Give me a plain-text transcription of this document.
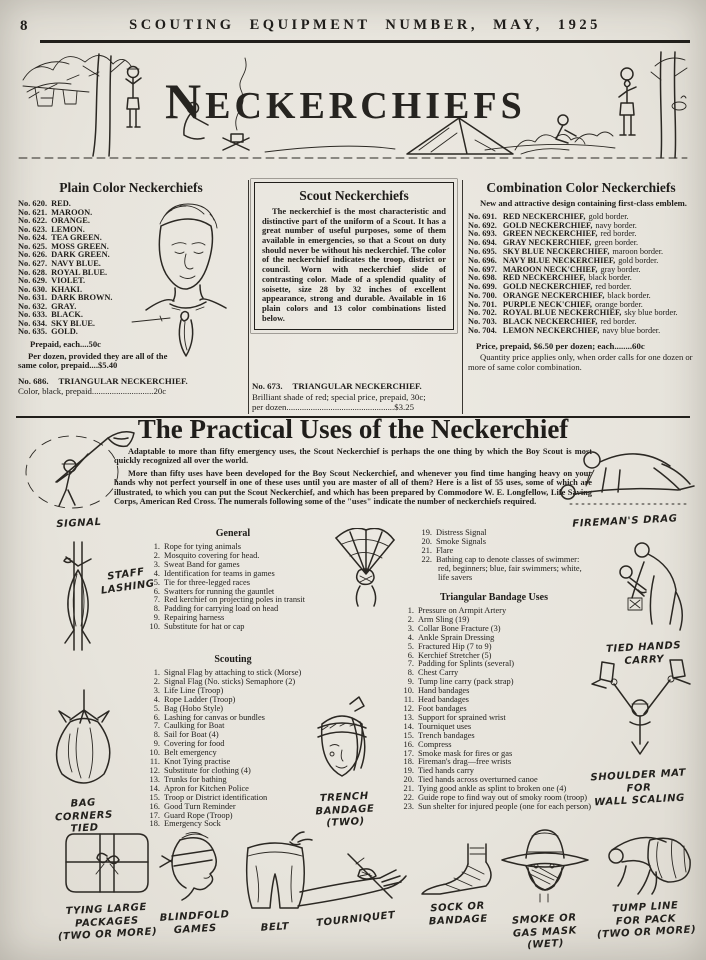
8	SCOUTING EQUIPMENT NUMBER, MAY, 1925
NECKERCHIEFS
Plain Color Neckerchiefs
No. 620. RED.
No. 621. MAROON.
No. 622. ORANGE.
No. 623. LEMON.
No. 624. TEA GREEN.
No. 625. MOSS GREEN.
No. 626. DARK GREEN.
No. 627. NAVY BLUE.
No. 628. ROYAL BLUE.
No. 629. VIOLET.
No. 630. KHAKI.
No. 631. DARK BROWN.
No. 632. GRAY.
No. 633. BLACK.
No. 634. SKY BLUE.
No. 635. GOLD.
Prepaid, each....50c
Per dozen, provided they are all of the same color, prepaid....$5.40
No. 686. TRIANGULAR NECKERCHIEF.
Color, black, prepaid............................20c
Scout Neckerchiefs
The neckerchief is the most characteristic and distinctive part of the uniform of a Scout. It has a great number of useful purposes, some of them available in emergencies, so that a Scout on duty should never be without his neckerchief. The color of the neckerchief indicates the troop, district or council. Worn with neckerchief slide of contrasting color. Made of a splendid quality of soisette, size 28 by 32 inches of excellent appearance, strong and durable. Available in 16 plain colors and 13 color combinations listed below.
No. 673. TRIANGULAR NECKERCHIEF.
Brilliant shade of red; special price, prepaid, 30c;
per dozen.................................................$3.25
Combination Color Neckerchiefs
New and attractive design containing first-class emblem.
No. 691. RED NECKERCHIEF, gold border.
No. 692. GOLD NECKERCHIEF, navy border.
No. 693. GREEN NECKERCHIEF, red border.
No. 694. GRAY NECKERCHIEF, green border.
No. 695. SKY BLUE NECKERCHIEF, maroon border.
No. 696. NAVY BLUE NECKERCHIEF, gold border.
No. 697. MAROON NECK'CHIEF, gray border.
No. 698. RED NECKERCHIEF, black border.
No. 699. GOLD NECKERCHIEF, red border.
No. 700. ORANGE NECKERCHIEF, black border.
No. 701. PURPLE NECK'CHIEF, orange border.
No. 702. ROYAL BLUE NECKERCHIEF, sky blue border.
No. 703. BLACK NECKERCHIEF, red border.
No. 704. LEMON NECKERCHIEF, navy blue border.
Price, prepaid, $6.50 per dozen; each........60c
Quantity price applies only, when order calls for one dozen or more of same color combination.
The Practical Uses of the Neckerchief

Adaptable to more than fifty emergency uses, the Scout Neckerchief is perhaps the one thing by which the Boy Scout is most quickly recognized all over the world.

More than fifty uses have been developed for the Boy Scout Neckerchief, and whenever you find time hanging heavy on your hands why not perfect yourself in one of these uses until you are master of all of them? Here is a list of 55 uses, some of which are illustrated, to which you can put the Scout Neckerchief, and which has been prepared by Commodore W. E. Longfellow, Life Saving Corps, American Red Cross. The numerals following some of the "uses" indicate the number of neckerchiefs required.

SIGNAL	FIREMAN'S DRAG
General
1. Rope for tying animals
2. Mosquito covering for head.
3. Sweat Band for games
4. Identification for teams in games
5. Tie for three-legged races
6. Swatters for running the gauntlet
7. Red kerchief on projecting poles in transit
8. Padding for carrying load on head
9. Repairing harness
10. Substitute for hat or cap
19. Distress Signal
20. Smoke Signals
21. Flare
22. Bathing cap to denote classes of swimmer: red, beginners; blue, fair swimmers; white, life savers
STAFF
LASHING
Scouting
1. Signal Flag by attaching to stick (Morse)
2. Signal Flag (No. sticks) Semaphore (2)
3. Life Line (Troop)
4. Rope Ladder (Troop)
5. Bag (Hobo Style)
6. Lashing for canvas or bundles
7. Caulking for Boat
8. Sail for Boat (4)
9. Covering for food
10. Belt emergency
11. Knot Tying practise
12. Substitute for clothing (4)
13. Trunks for bathing
14. Apron for Kitchen Police
15. Troop or District identification
16. Good Turn Reminder
17. Guard Rope (Troop)
18. Emergency Sock
Triangular Bandage Uses
1. Pressure on Armpit Artery
2. Arm Sling (19)
3. Collar Bone Fracture (3)
4. Ankle Sprain Dressing
5. Fractured Hip (7 to 9)
6. Kerchief Stretcher (5)
7. Padding for Splints (several)
8. Chest Carry
9. Tump line carry (pack strap)
10. Hand bandages
11. Head bandages
12. Foot bandages
13. Support for sprained wrist
14. Tourniquet uses
15. Trench bandages
16. Compress
17. Smoke mask for fires or gas
18. Fireman's drag—free wrists
19. Tied hands carry
20. Tied hands across overturned canoe
21. Tying good ankle as splint to broken one (4)
22. Guide rope to find way out of smoky room (troop)
23. Sun shelter for injured people (one for each person)
TIED HANDS
CARRY
BAG
CORNERS
TIED
TRENCH
BANDAGE
(TWO)
SHOULDER MAT
FOR
WALL SCALING
TYING LARGE
PACKAGES
(TWO OR MORE)
BLINDFOLD
GAMES	BELT	TOURNIQUET
SOCK OR
BANDAGE	SMOKE OR
GAS MASK
(WET)
TUMP LINE
FOR PACK
(TWO OR MORE)
